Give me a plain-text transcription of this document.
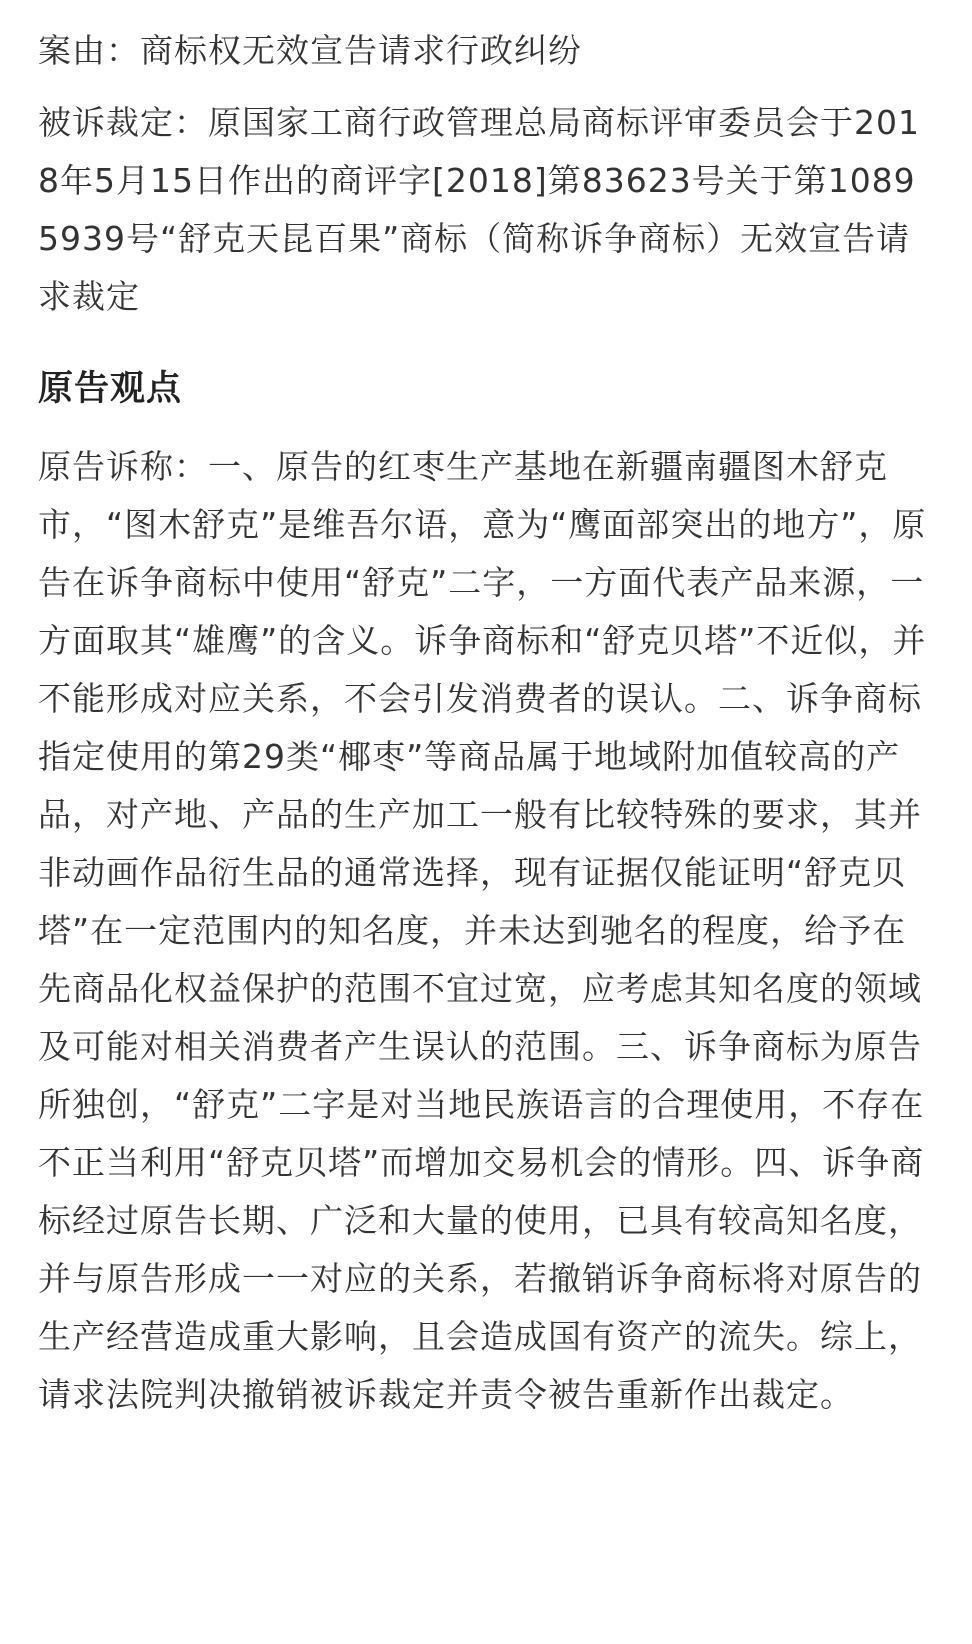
案由：商标权无效宣告请求行政纠纷

被诉裁定：原国家工商行政管理总局商标评审委员会于2018年5月15日作出的商评字[2018]第83623号关于第10895939号“舒克天昆百果”商标（简称诉争商标）无效宣告请求裁定

原告观点

原告诉称：一、原告的红枣生产基地在新疆南疆图木舒克市，“图木舒克”是维吾尔语，意为“鹰面部突出的地方”，原告在诉争商标中使用“舒克”二字，一方面代表产品来源，一方面取其“雄鹰”的含义。诉争商标和“舒克贝塔”不近似，并不能形成对应关系，不会引发消费者的误认。二、诉争商标指定使用的第29类“椰枣”等商品属于地域附加值较高的产品，对产地、产品的生产加工一般有比较特殊的要求，其并非动画作品衍生品的通常选择，现有证据仅能证明“舒克贝塔”在一定范围内的知名度，并未达到驰名的程度，给予在先商品化权益保护的范围不宜过宽，应考虑其知名度的领域及可能对相关消费者产生误认的范围。三、诉争商标为原告所独创，“舒克”二字是对当地民族语言的合理使用，不存在不正当利用“舒克贝塔”而增加交易机会的情形。四、诉争商标经过原告长期、广泛和大量的使用，已具有较高知名度，并与原告形成一一对应的关系，若撤销诉争商标将对原告的生产经营造成重大影响，且会造成国有资产的流失。综上，请求法院判决撤销被诉裁定并责令被告重新作出裁定。
